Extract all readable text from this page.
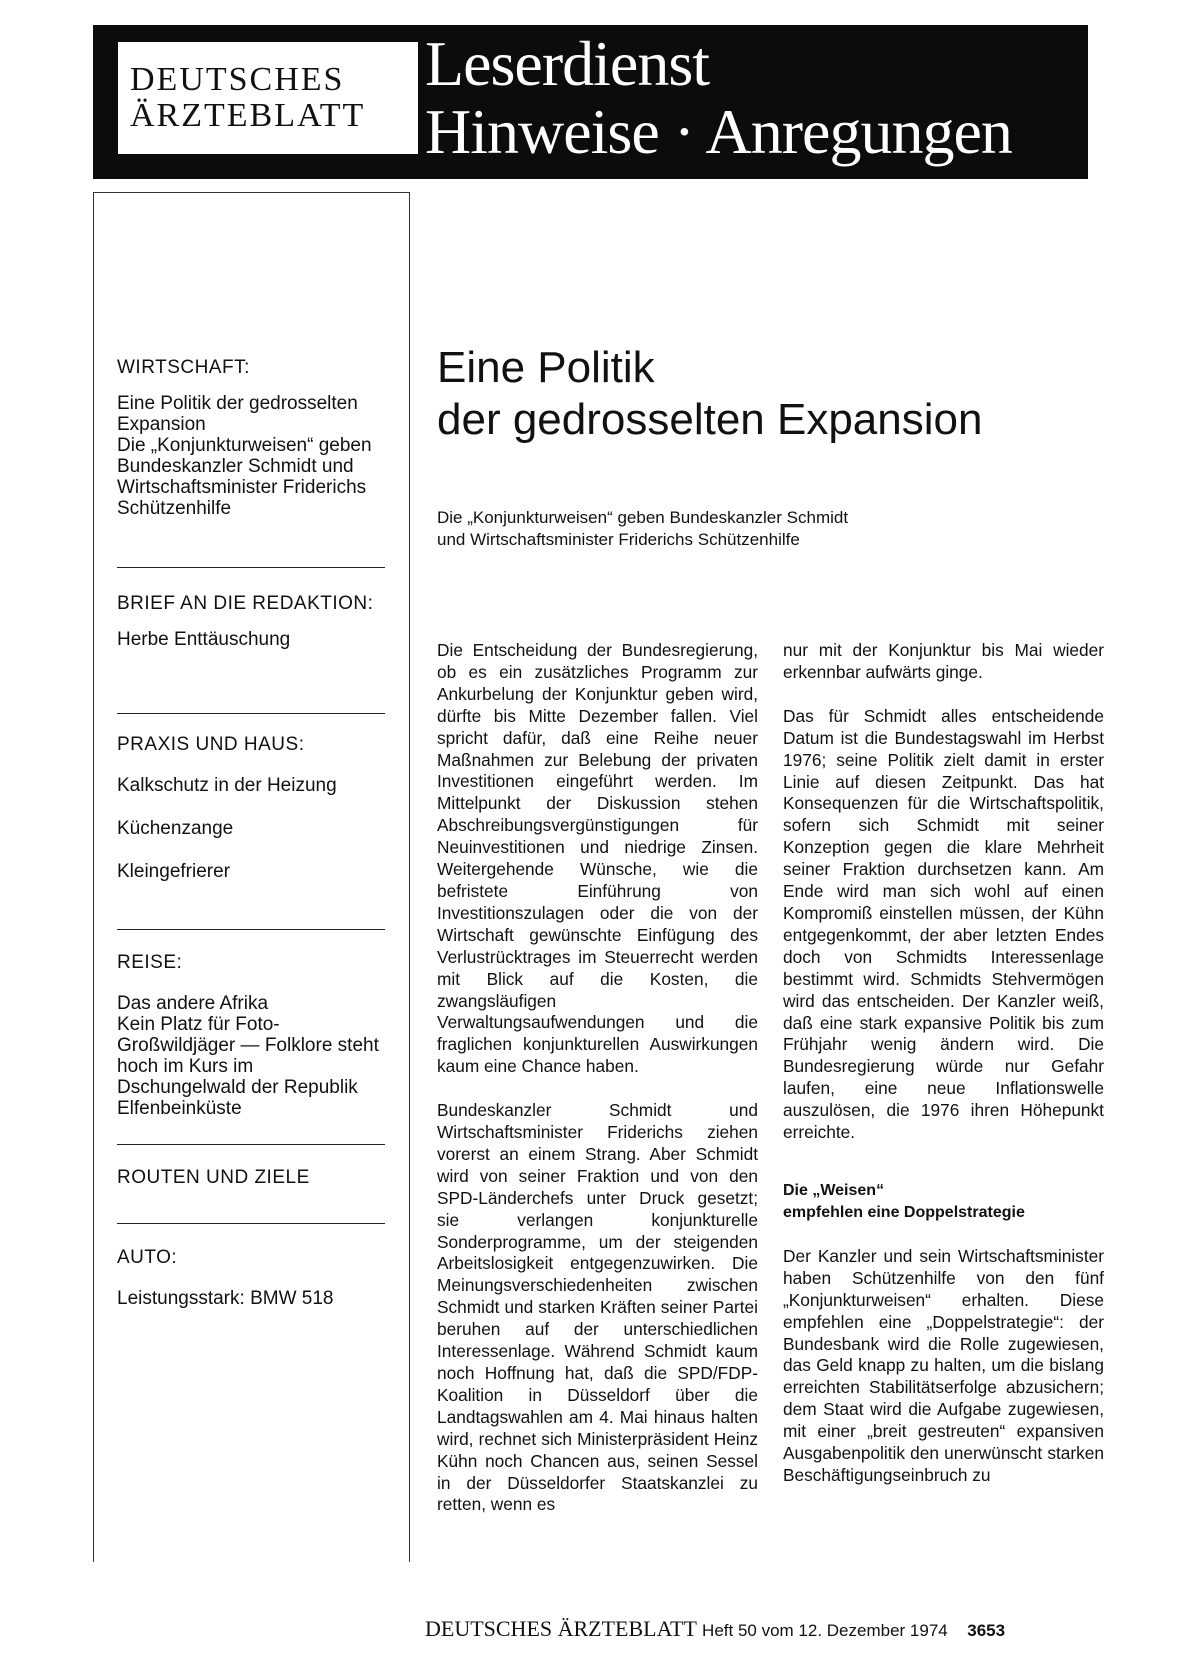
DEUTSCHES
ÄRZTEBLATT
Leserdienst
Hinweise · Anregungen

WIRTSCHAFT:

Eine Politik der gedrosselten Expansion

Die „Konjunkturweisen“ geben Bundeskanzler Schmidt und Wirtschaftsminister Friderichs Schützenhilfe

BRIEF AN DIE REDAKTION:

Herbe Enttäuschung

PRAXIS UND HAUS:

Kalkschutz in der Heizung

Küchenzange

Kleingefrierer

REISE:

Das andere Afrika

Kein Platz für Foto-Großwildjäger — Folklore steht hoch im Kurs im Dschungelwald der Republik Elfenbeinküste

ROUTEN UND ZIELE

AUTO:

Leistungsstark: BMW 518

Eine Politik
der gedrosselten Expansion
Die „Konjunkturweisen“ geben Bundeskanzler Schmidt
und Wirtschaftsminister Friderichs Schützenhilfe

Die Entscheidung der Bundesregierung, ob es ein zusätzliches Programm zur Ankurbelung der Konjunktur geben wird, dürfte bis Mitte Dezember fallen. Viel spricht dafür, daß eine Reihe neuer Maßnahmen zur Belebung der privaten Investitionen eingeführt werden. Im Mittelpunkt der Diskussion stehen Abschreibungsvergünstigungen für Neuinvestitionen und niedrige Zinsen. Weitergehende Wünsche, wie die befristete Einführung von Investitionszulagen oder die von der Wirtschaft gewünschte Einfügung des Verlustrücktrages im Steuerrecht werden mit Blick auf die Kosten, die zwangsläufigen Verwaltungsaufwendungen und die fraglichen konjunkturellen Auswirkungen kaum eine Chance haben.

Bundeskanzler Schmidt und Wirtschaftsminister Friderichs ziehen vorerst an einem Strang. Aber Schmidt wird von seiner Fraktion und von den SPD-Länderchefs unter Druck gesetzt; sie verlangen konjunkturelle Sonderprogramme, um der steigenden Arbeitslosigkeit entgegenzuwirken. Die Meinungsverschiedenheiten zwischen Schmidt und starken Kräften seiner Partei beruhen auf der unterschiedlichen Interessenlage. Während Schmidt kaum noch Hoffnung hat, daß die SPD/FDP-Koalition in Düsseldorf über die Landtagswahlen am 4. Mai hinaus halten wird, rechnet sich Ministerpräsident Heinz Kühn noch Chancen aus, seinen Sessel in der Düsseldorfer Staatskanzlei zu retten, wenn es

nur mit der Konjunktur bis Mai wieder erkennbar aufwärts ginge.

Das für Schmidt alles entscheidende Datum ist die Bundestagswahl im Herbst 1976; seine Politik zielt damit in erster Linie auf diesen Zeitpunkt. Das hat Konsequenzen für die Wirtschaftspolitik, sofern sich Schmidt mit seiner Konzeption gegen die klare Mehrheit seiner Fraktion durchsetzen kann. Am Ende wird man sich wohl auf einen Kompromiß einstellen müssen, der Kühn entgegenkommt, der aber letzten Endes doch von Schmidts Interessenlage bestimmt wird. Schmidts Stehvermögen wird das entscheiden. Der Kanzler weiß, daß eine stark expansive Politik bis zum Frühjahr wenig ändern wird. Die Bundesregierung würde nur Gefahr laufen, eine neue Inflationswelle auszulösen, die 1976 ihren Höhepunkt erreichte.

Die „Weisen“
empfehlen eine Doppelstrategie

Der Kanzler und sein Wirtschaftsminister haben Schützenhilfe von den fünf „Konjunkturweisen“ erhalten. Diese empfehlen eine „Doppelstrategie“: der Bundesbank wird die Rolle zugewiesen, das Geld knapp zu halten, um die bislang erreichten Stabilitätserfolge abzusichern; dem Staat wird die Aufgabe zugewiesen, mit einer „breit gestreuten“ expansiven Ausgabenpolitik den unerwünscht starken Beschäftigungseinbruch zu

DEUTSCHES ÄRZTEBLATT Heft 50 vom 12. Dezember 1974 3653
